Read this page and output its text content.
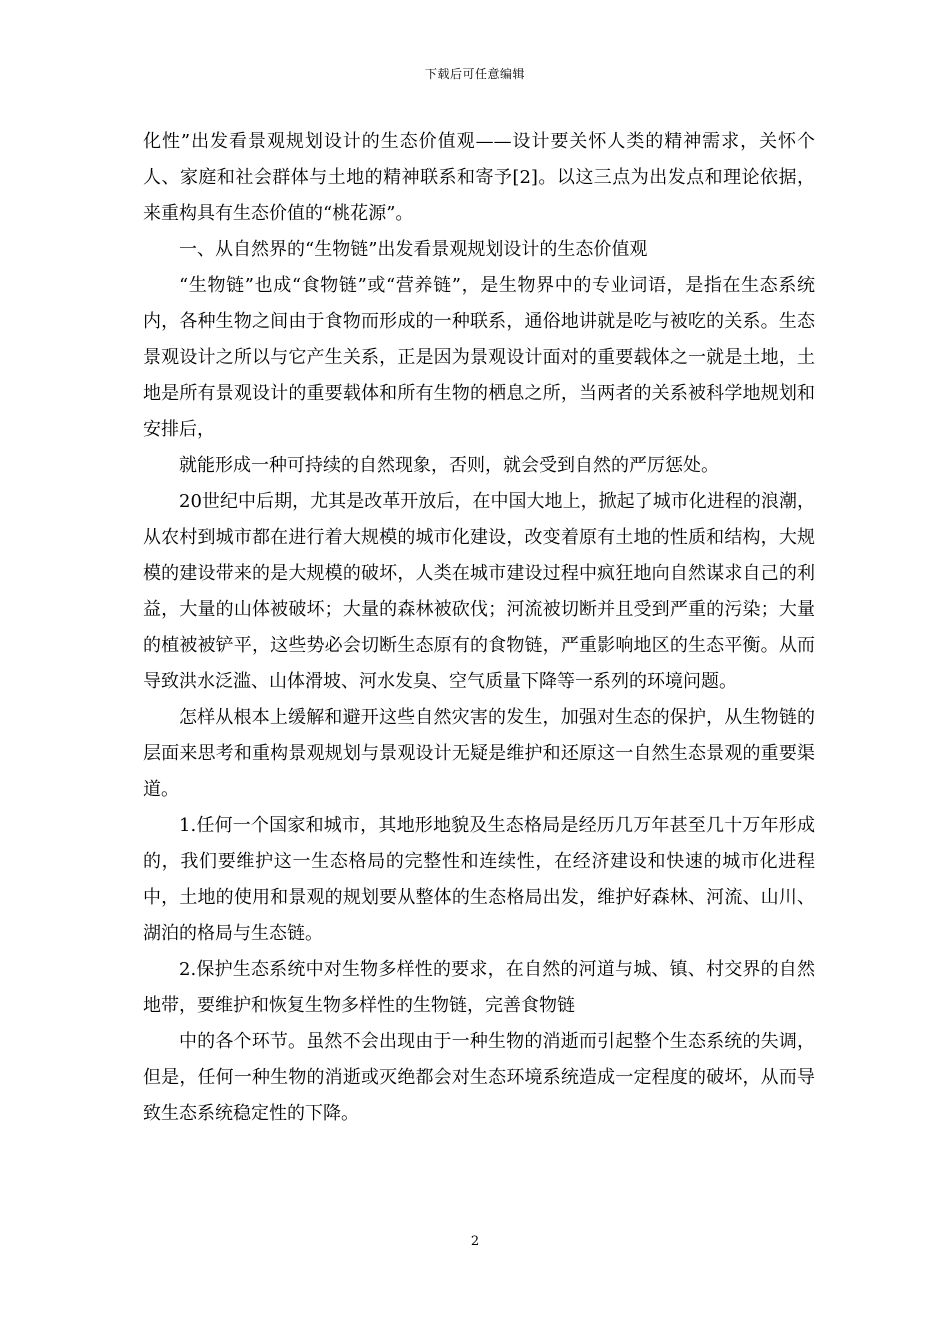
下载后可任意编辑

化性”出发看景观规划设计的生态价值观——设计要关怀人类的精神需求，关怀个人、家庭和社会群体与土地的精神联系和寄予[2]。以这三点为出发点和理论依据，来重构具有生态价值的“桃花源”。

一、从自然界的“生物链”出发看景观规划设计的生态价值观

“生物链”也成“食物链”或“营养链”，是生物界中的专业词语，是指在生态系统内，各种生物之间由于食物而形成的一种联系，通俗地讲就是吃与被吃的关系。生态景观设计之所以与它产生关系，正是因为景观设计面对的重要载体之一就是土地，土地是所有景观设计的重要载体和所有生物的栖息之所，当两者的关系被科学地规划和安排后，

就能形成一种可持续的自然现象，否则，就会受到自然的严厉惩处。

20世纪中后期，尤其是改革开放后，在中国大地上，掀起了城市化进程的浪潮，从农村到城市都在进行着大规模的城市化建设，改变着原有土地的性质和结构，大规模的建设带来的是大规模的破坏，人类在城市建设过程中疯狂地向自然谋求自己的利益，大量的山体被破坏；大量的森林被砍伐；河流被切断并且受到严重的污染；大量的植被被铲平，这些势必会切断生态原有的食物链，严重影响地区的生态平衡。从而导致洪水泛滥、山体滑坡、河水发臭、空气质量下降等一系列的环境问题。

怎样从根本上缓解和避开这些自然灾害的发生，加强对生态的保护，从生物链的层面来思考和重构景观规划与景观设计无疑是维护和还原这一自然生态景观的重要渠道。

1.任何一个国家和城市，其地形地貌及生态格局是经历几万年甚至几十万年形成的，我们要维护这一生态格局的完整性和连续性，在经济建设和快速的城市化进程中，土地的使用和景观的规划要从整体的生态格局出发，维护好森林、河流、山川、湖泊的格局与生态链。

2.保护生态系统中对生物多样性的要求，在自然的河道与城、镇、村交界的自然地带，要维护和恢复生物多样性的生物链，完善食物链

中的各个环节。虽然不会出现由于一种生物的消逝而引起整个生态系统的失调，但是，任何一种生物的消逝或灭绝都会对生态环境系统造成一定程度的破坏，从而导致生态系统稳定性的下降。

2
